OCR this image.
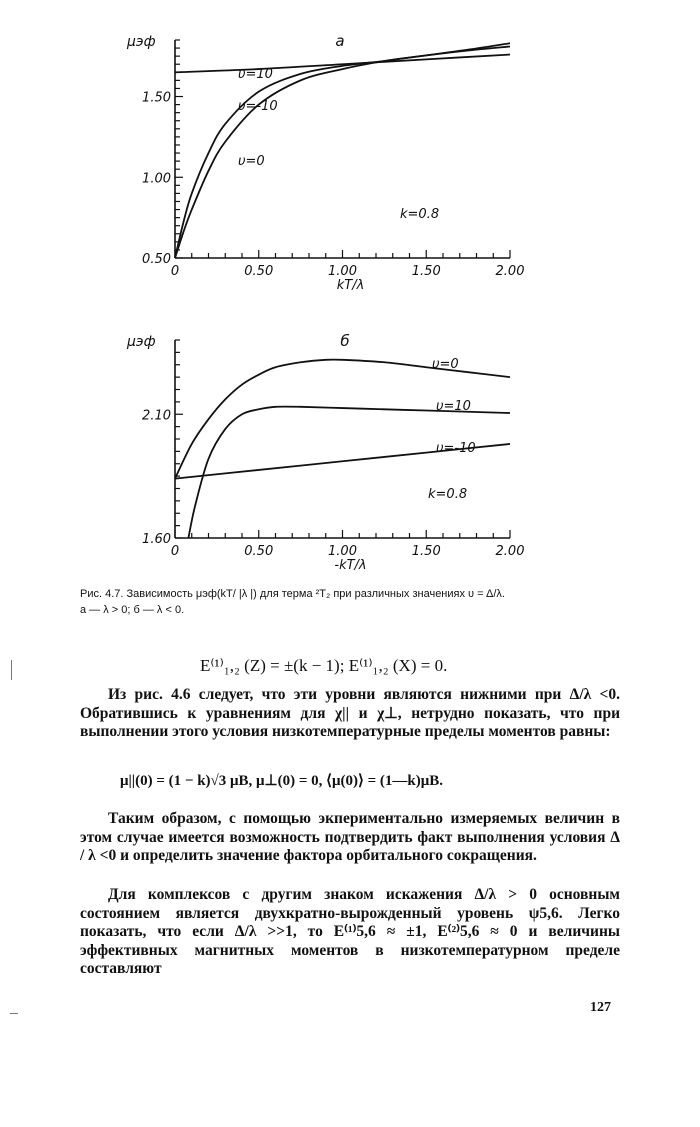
0	0.50	1.00	1.50	2.00
0.50
1.00
1.50
kT/λ
μэф	а
k=0.8
υ=10
υ=-10
υ=0
0	0.50	1.00	1.50	2.00
1.60
2.10
-kT/λ
μэф	б
k=0.8
υ=0
υ=10
υ=-10
Рис. 4.7. Зависимость μэф(kT/ |λ |) для терма ²T₂ при различных значениях υ = Δ/λ.
а — λ > 0; б — λ < 0.
E⁽¹⁾₁,₂ (Z) = ±(k − 1); E⁽¹⁾₁,₂ (X) = 0.

Из рис. 4.6 следует, что эти уровни являются нижними при Δ/λ <0. Обратившись к уравнениям для χ|| и χ⊥, нетрудно показать, что при выполнении этого условия низкотемпературные пределы моментов равны:

μ||(0) = (1 − k)√3 μB, μ⊥(0) = 0, ⟨μ(0)⟩ = (1—k)μB.

Таким образом, с помощью экпериментально измеряемых величин в этом случае имеется возможность подтвердить факт выполнения условия Δ / λ <0 и определить значение фактора орбитального сокращения.

Для комплексов с другим знаком искажения Δ/λ > 0 основным состоянием является двухкратно-вырожденный уровень ψ5,6. Легко показать, что если Δ/λ >>1, то E⁽¹⁾5,6 ≈ ±1, E⁽²⁾5,6 ≈ 0 и величины эффективных магнитных моментов в низкотемпературном пределе составляют

127
